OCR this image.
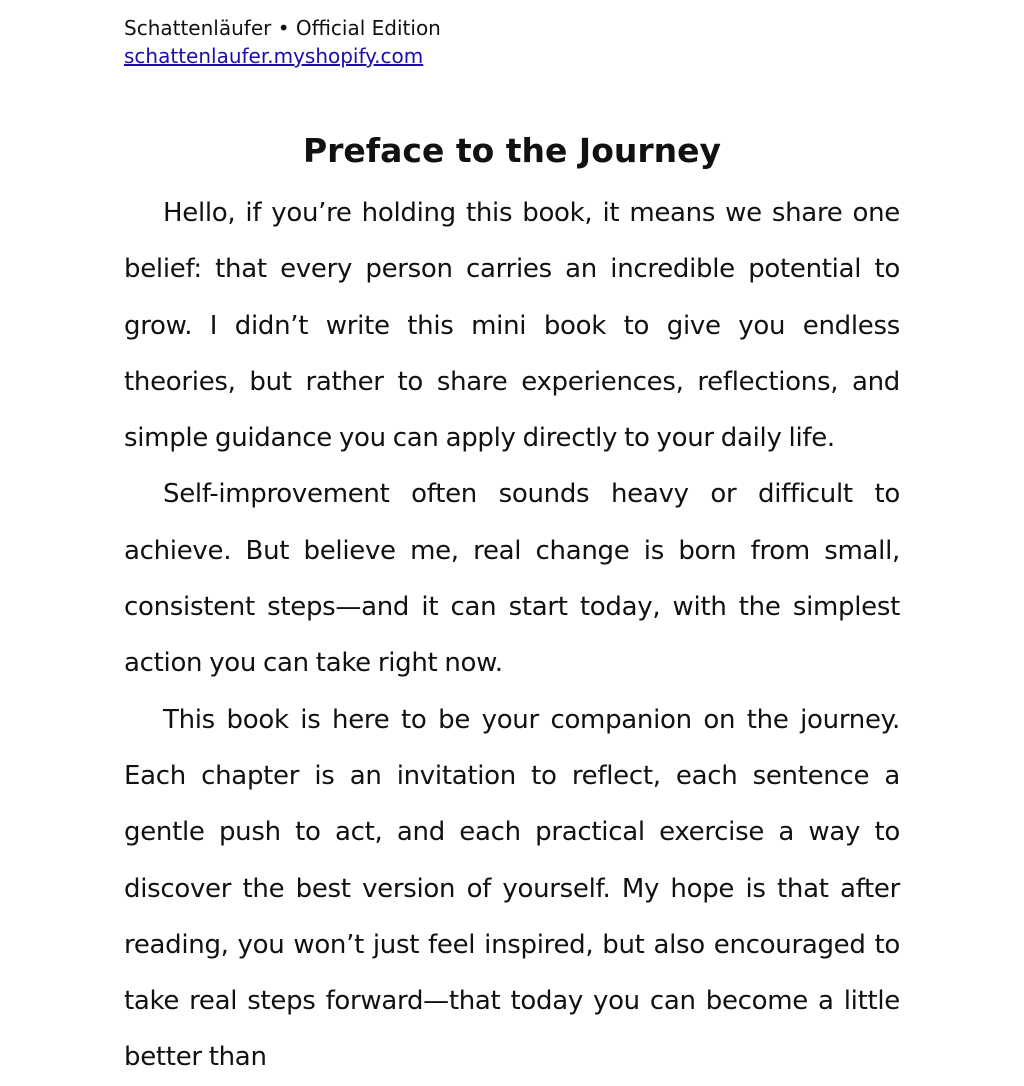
Schattenläufer • Official Edition

schattenlaufer.myshopify.com
Preface to the Journey

Hello, if you’re holding this book, it means we share one belief: that every person carries an incredible potential to grow. I didn’t write this mini book to give you endless theories, but rather to share experiences, reflections, and simple guidance you can apply directly to your daily life.

Self-improvement often sounds heavy or difficult to achieve. But believe me, real change is born from small, consistent steps—and it can start today, with the simplest action you can take right now.

This book is here to be your companion on the journey. Each chapter is an invitation to reflect, each sentence a gentle push to act, and each practical exercise a way to discover the best version of yourself. My hope is that after reading, you won’t just feel inspired, but also encouraged to take real steps forward—that today you can become a little better than
